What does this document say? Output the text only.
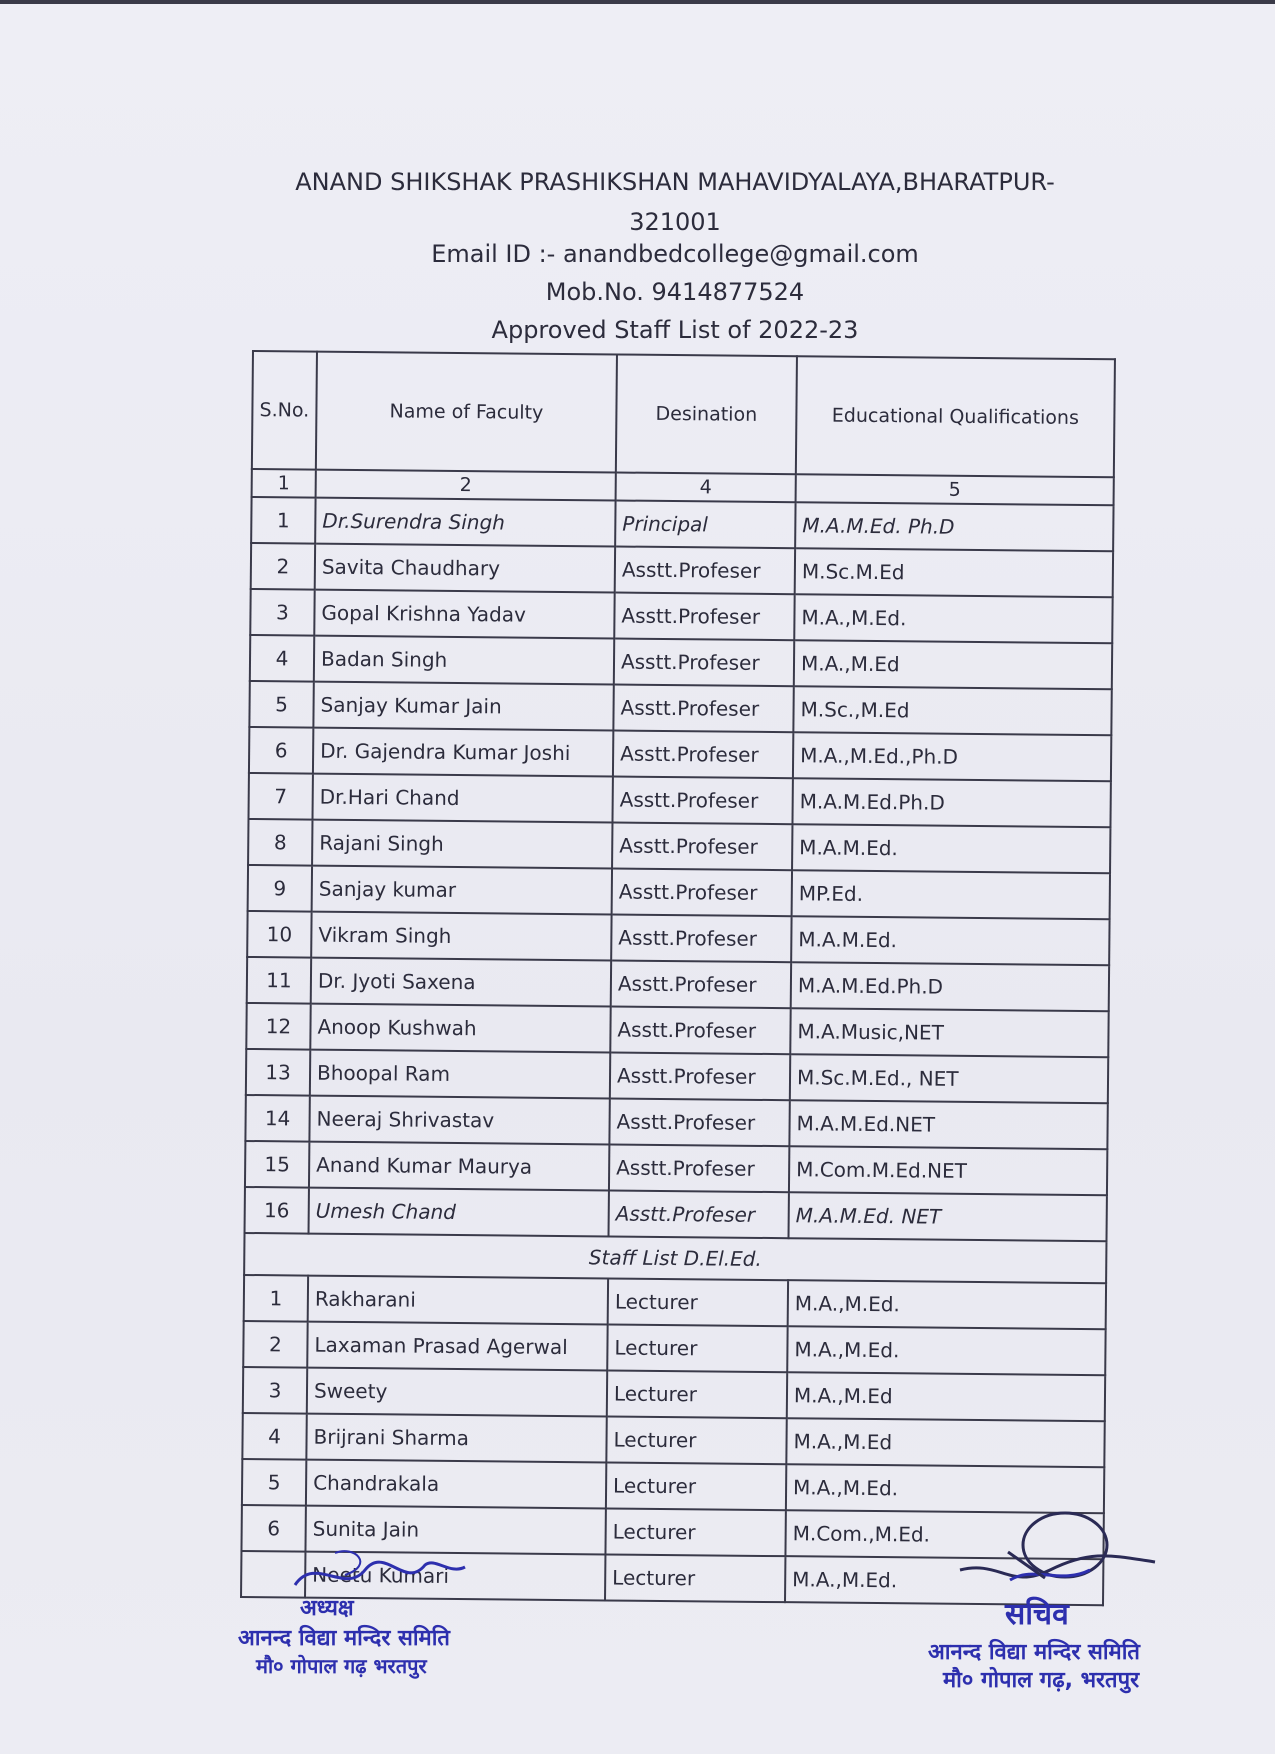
ANAND SHIKSHAK PRASHIKSHAN MAHAVIDYALAYA,BHARATPUR-
321001
Email ID :- anandbedcollege@gmail.com
Mob.No. 9414877524
Approved Staff List of 2022-23
S.No.	Name of Faculty	Desination	Educational Qualifications
1	2	4	5
1	Dr.Surendra Singh	Principal	M.A.M.Ed. Ph.D
2	Savita Chaudhary	Asstt.Profeser	M.Sc.M.Ed
3	Gopal Krishna Yadav	Asstt.Profeser	M.A.,M.Ed.
4	Badan Singh	Asstt.Profeser	M.A.,M.Ed
5	Sanjay Kumar Jain	Asstt.Profeser	M.Sc.,M.Ed
6	Dr. Gajendra Kumar Joshi	Asstt.Profeser	M.A.,M.Ed.,Ph.D
7	Dr.Hari Chand	Asstt.Profeser	M.A.M.Ed.Ph.D
8	Rajani Singh	Asstt.Profeser	M.A.M.Ed.
9	Sanjay kumar	Asstt.Profeser	MP.Ed.
10	Vikram Singh	Asstt.Profeser	M.A.M.Ed.
11	Dr. Jyoti Saxena	Asstt.Profeser	M.A.M.Ed.Ph.D
12	Anoop Kushwah	Asstt.Profeser	M.A.Music,NET
13	Bhoopal Ram	Asstt.Profeser	M.Sc.M.Ed., NET
14	Neeraj Shrivastav	Asstt.Profeser	M.A.M.Ed.NET
15	Anand Kumar Maurya	Asstt.Profeser	M.Com.M.Ed.NET
16	Umesh Chand	Asstt.Profeser	M.A.M.Ed. NET
Staff List D.El.Ed.			
1	Rakharani	Lecturer	M.A.,M.Ed.
2	Laxaman Prasad Agerwal	Lecturer	M.A.,M.Ed.
3	Sweety	Lecturer	M.A.,M.Ed
4	Brijrani Sharma	Lecturer	M.A.,M.Ed
5	Chandrakala	Lecturer	M.A.,M.Ed.
6	Sunita Jain	Lecturer	M.Com.,M.Ed.
	Neetu Kumari	Lecturer	M.A.,M.Ed.
अध्यक्ष
आनन्द विद्या मन्दिर समिति
मौ० गोपाल गढ़ भरतपुर
सचिव
आनन्द विद्या मन्दिर समिति
मौ० गोपाल गढ़, भरतपुर
